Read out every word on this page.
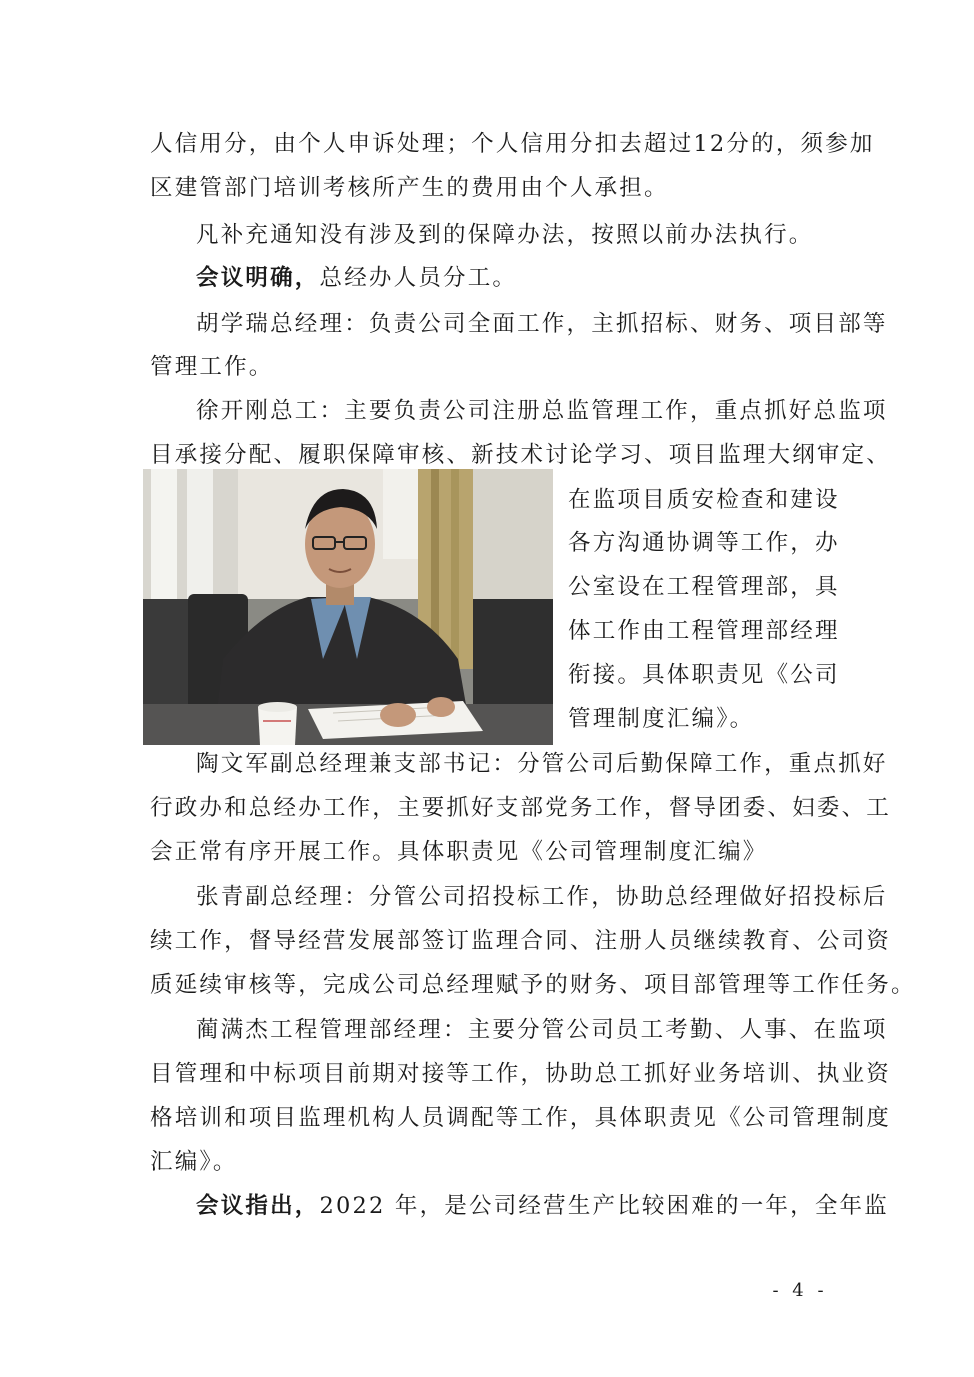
人信用分，由个人申诉处理；个人信用分扣去超过12分的，须参加
区建管部门培训考核所产生的费用由个人承担。
凡补充通知没有涉及到的保障办法，按照以前办法执行。
会议明确，总经办人员分工。
胡学瑞总经理：负责公司全面工作，主抓招标、财务、项目部等
管理工作。
徐开刚总工：主要负责公司注册总监管理工作，重点抓好总监项
目承接分配、履职保障审核、新技术讨论学习、项目监理大纲审定、
在监项目质安检查和建设
各方沟通协调等工作，办
公室设在工程管理部，具
体工作由工程管理部经理
衔接。具体职责见《公司
管理制度汇编》。
陶文军副总经理兼支部书记：分管公司后勤保障工作，重点抓好
行政办和总经办工作，主要抓好支部党务工作，督导团委、妇委、工
会正常有序开展工作。具体职责见《公司管理制度汇编》
张青副总经理：分管公司招投标工作，协助总经理做好招投标后
续工作，督导经营发展部签订监理合同、注册人员继续教育、公司资
质延续审核等，完成公司总经理赋予的财务、项目部管理等工作任务。
蔺满杰工程管理部经理：主要分管公司员工考勤、人事、在监项
目管理和中标项目前期对接等工作，协助总工抓好业务培训、执业资
格培训和项目监理机构人员调配等工作，具体职责见《公司管理制度
汇编》。
会议指出，2022 年，是公司经营生产比较困难的一年，全年监
- 4 -
